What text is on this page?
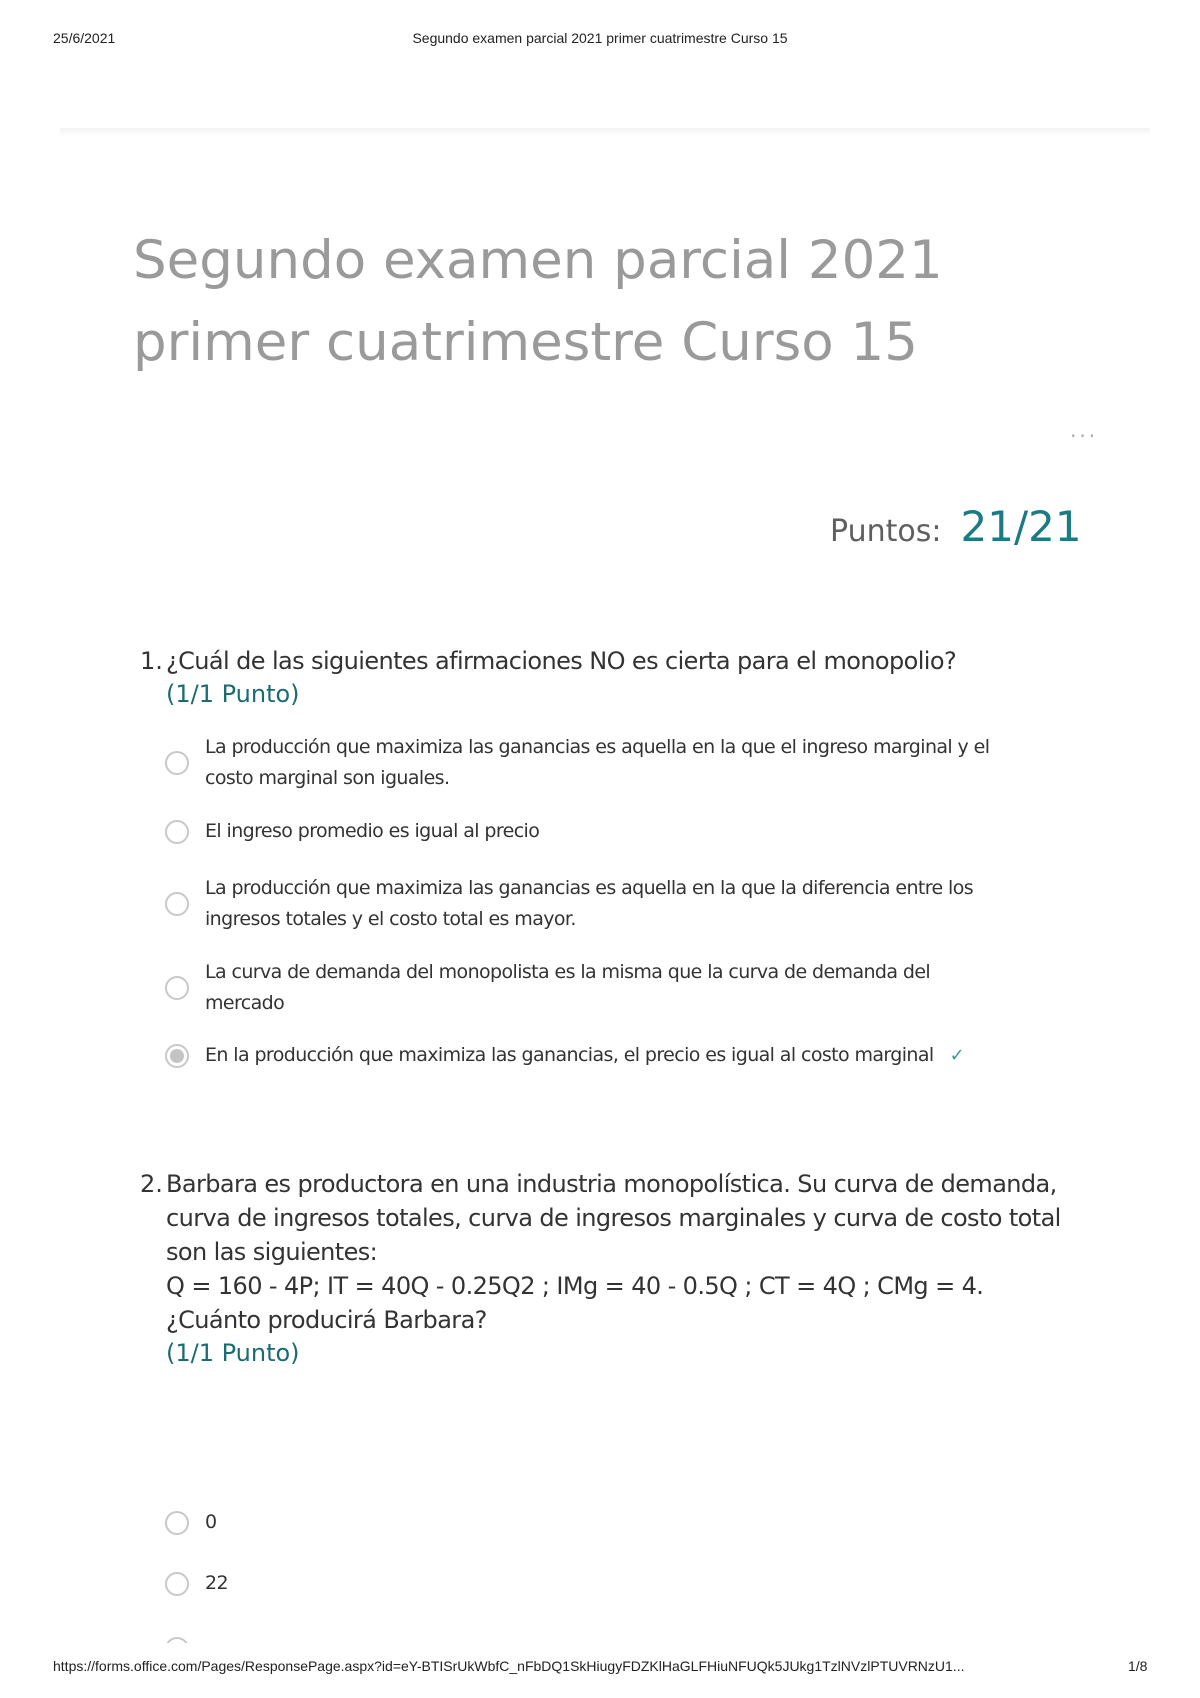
25/6/2021	Segundo examen parcial 2021 primer cuatrimestre Curso 15
Segundo examen parcial 2021
primer cuatrimestre Curso 15
...
Puntos: 21/21
1. ¿Cuál de las siguientes afirmaciones NO es cierta para el monopolio?
(1/1 Punto)
La producción que maximiza las ganancias es aquella en la que el ingreso marginal y el
costo marginal son iguales.
El ingreso promedio es igual al precio
La producción que maximiza las ganancias es aquella en la que la diferencia entre los
ingresos totales y el costo total es mayor.
La curva de demanda del monopolista es la misma que la curva de demanda del
mercado
En la producción que maximiza las ganancias, el precio es igual al costo marginal ✓
2. Barbara es productora en una industria monopolística. Su curva de demanda,
curva de ingresos totales, curva de ingresos marginales y curva de costo total
son las siguientes:
Q = 160 - 4P; IT = 40Q - 0.25Q2 ; IMg = 40 - 0.5Q ; CT = 4Q ; CMg = 4.
¿Cuánto producirá Barbara?
(1/1 Punto)
0
22
https://forms.office.com/Pages/ResponsePage.aspx?id=eY-BTISrUkWbfC_nFbDQ1SkHiugyFDZKlHaGLFHiuNFUQk5JUkg1TzlNVzlPTUVRNzU1...	1/8
